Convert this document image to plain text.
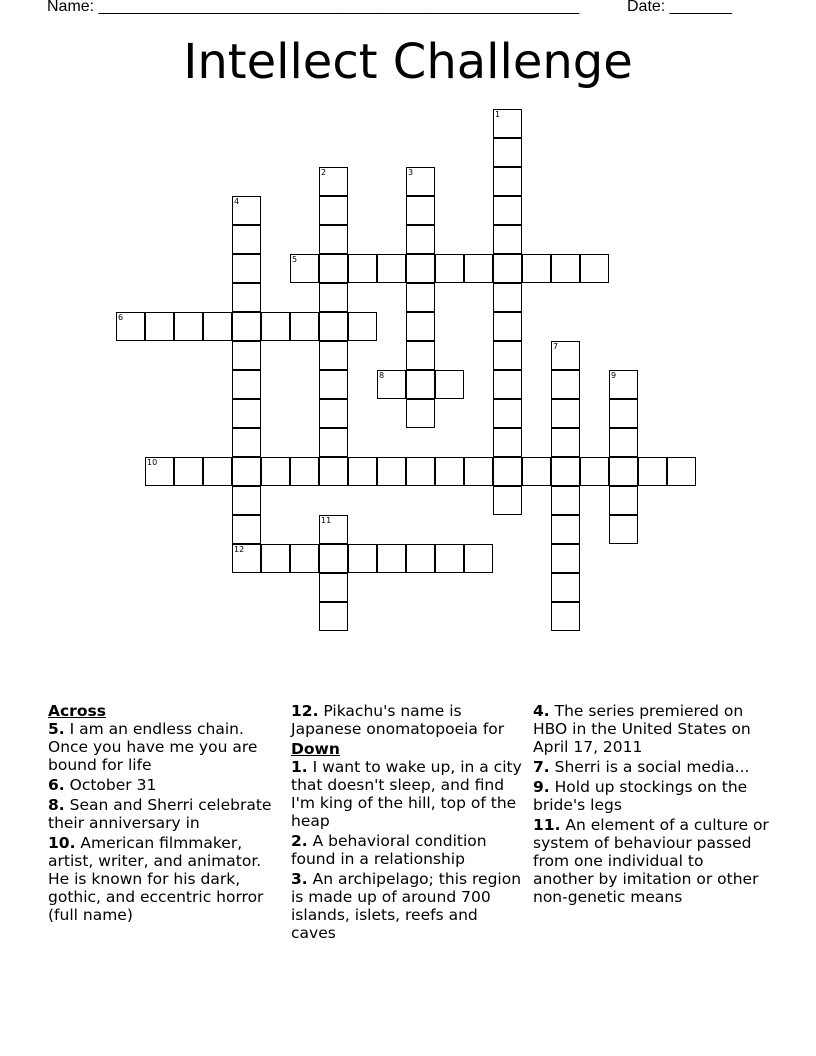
Name: ______________________________________________________	Date: _______
Intellect Challenge
5
6
8
10
12
1
2	3
4
7
9
11
Across
5. I am an endless chain. Once you have me you are bound for life
6. October 31
8. Sean and Sherri celebrate their anniversary in
10. American filmmaker, artist, writer, and animator. He is known for his dark, gothic, and eccentric horror (full name)
12. Pikachu's name is Japanese onomatopoeia for
Down
1. I want to wake up, in a city that doesn't sleep, and find I'm king of the hill, top of the heap
2. A behavioral condition found in a relationship
3. An archipelago; this region is made up of around 700 islands, islets, reefs and caves
4. The series premiered on HBO in the United States on April 17, 2011
7. Sherri is a social media...
9. Hold up stockings on the bride's legs
11. An element of a culture or system of behaviour passed from one individual to another by imitation or other non-genetic means
